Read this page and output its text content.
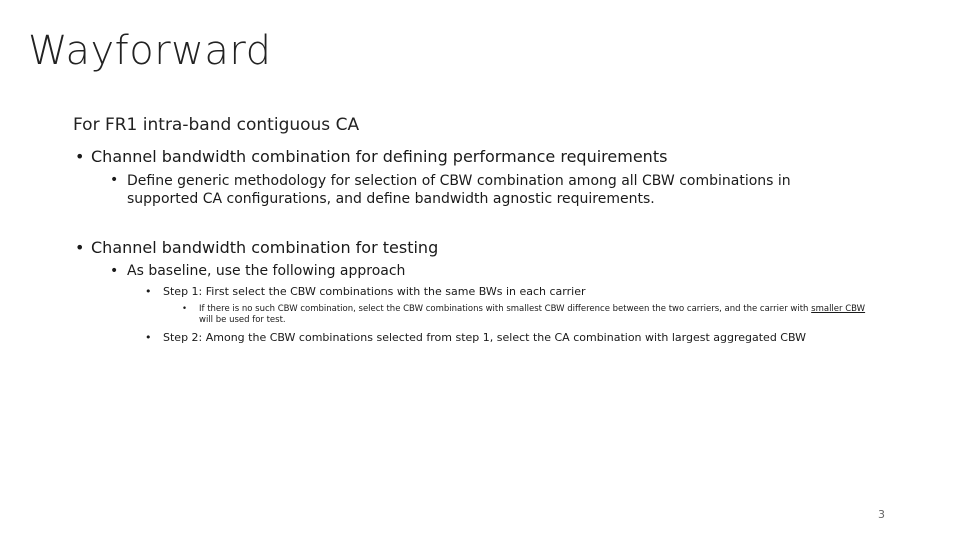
Wayforward
For FR1 intra-band contiguous CA
• Channel bandwidth combination for defining performance requirements
• Define generic methodology for selection of CBW combination among all CBW combinations in supported CA configurations, and define bandwidth agnostic requirements.
• Channel bandwidth combination for testing
• As baseline, use the following approach
• Step 1: First select the CBW combinations with the same BWs in each carrier
• If there is no such CBW combination, select the CBW combinations with smallest CBW difference between the two carriers, and the carrier with smaller CBW will be used for test.
• Step 2: Among the CBW combinations selected from step 1, select the CA combination with largest aggregated CBW
3
